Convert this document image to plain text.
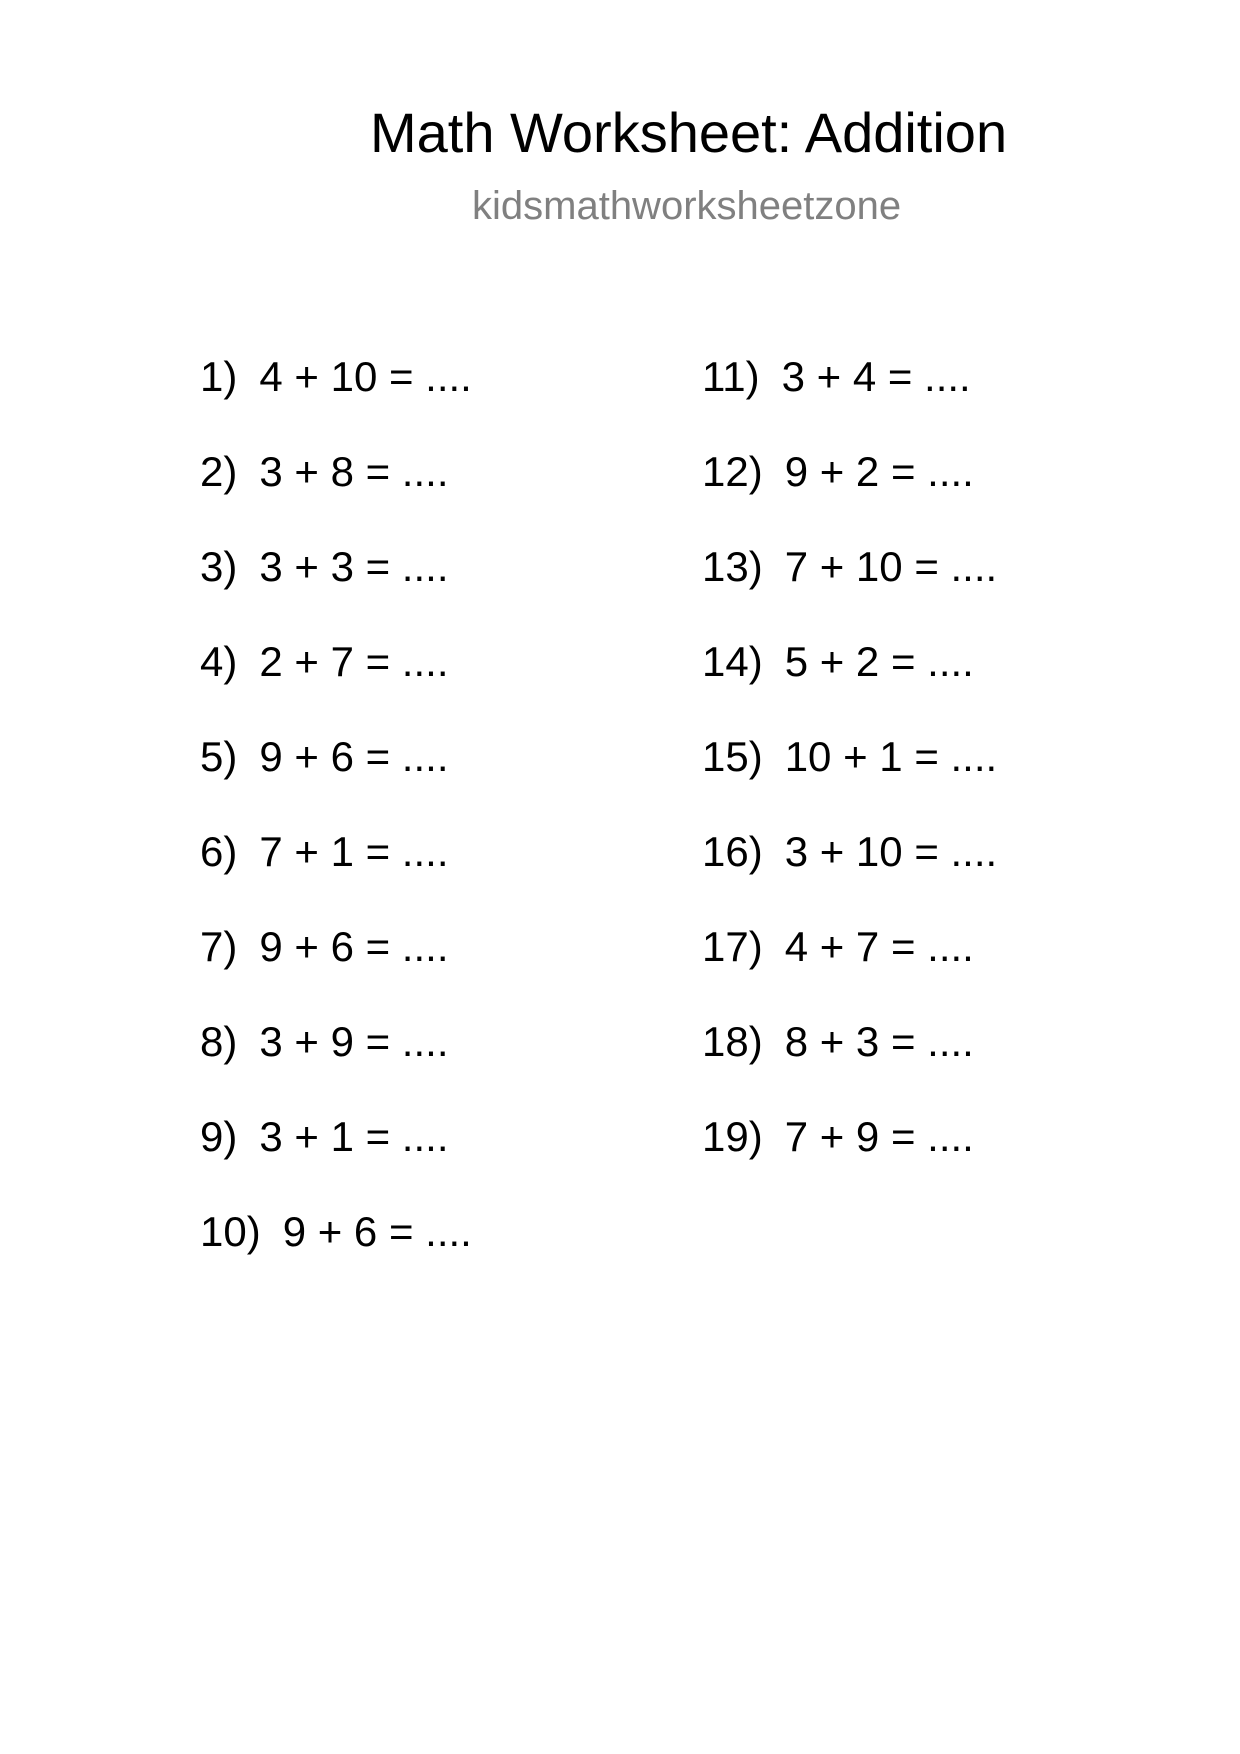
Math Worksheet: Addition
kidsmathworksheetzone
1) 4 + 10 = ....
2) 3 + 8 = ....
3) 3 + 3 = ....
4) 2 + 7 = ....
5) 9 + 6 = ....
6) 7 + 1 = ....
7) 9 + 6 = ....
8) 3 + 9 = ....
9) 3 + 1 = ....
10) 9 + 6 = ....
11) 3 + 4 = ....
12) 9 + 2 = ....
13) 7 + 10 = ....
14) 5 + 2 = ....
15) 10 + 1 = ....
16) 3 + 10 = ....
17) 4 + 7 = ....
18) 8 + 3 = ....
19) 7 + 9 = ....
